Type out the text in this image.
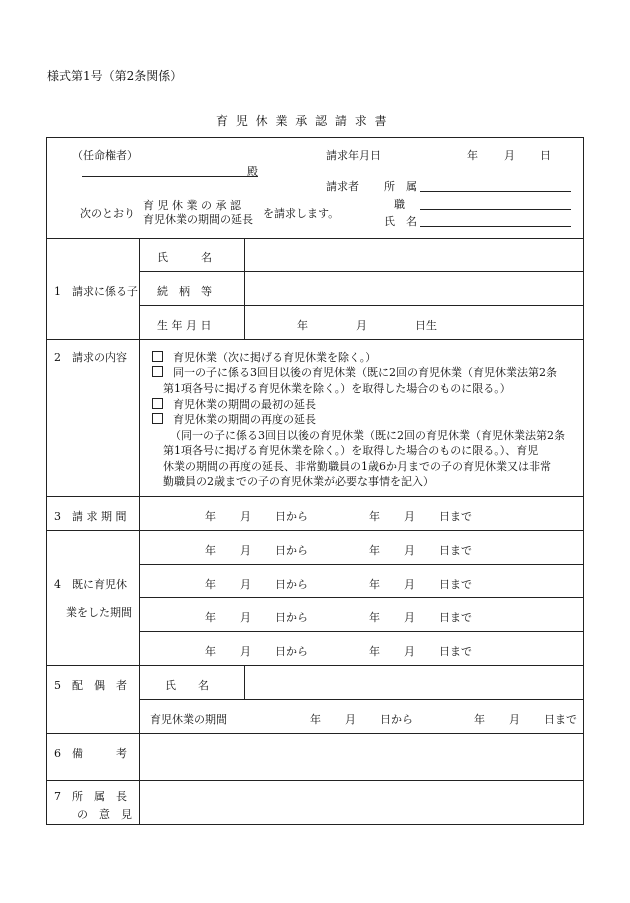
様式第1号（第2条関係）
育 児 休 業 承 認 請 求 書
（任命権者）
殿
請求年月日	年 月 日
請求者 所　属
職
氏　名
次のとおり
育 児 休 業 の 承 認
育児休業の期間の延長 を請求します。
1　請求に係る子
氏　　　名
続　柄　等
生 年 月 日	年	月	日生
2　請求の内容	育児休業（次に掲げる育児休業を除く。）
同一の子に係る3回目以後の育児休業（既に2回の育児休業（育児休業法第2条
第1項各号に掲げる育児休業を除く。）を取得した場合のものに限る。）
育児休業の期間の最初の延長
育児休業の期間の再度の延長
（同一の子に係る3回目以後の育児休業（既に2回の育児休業（育児休業法第2条
第1項各号に掲げる育児休業を除く。）を取得した場合のものに限る。）、育児
休業の期間の再度の延長、非常勤職員の1歳6か月までの子の育児休業又は非常
勤職員の2歳までの子の育児休業が必要な事情を記入）
3　請 求 期 間	年 月 日から	年 月 日まで
4　既に育児休
業をした期間
年 月 日から	年 月 日まで
年 月 日から	年 月 日まで
年 月 日から	年 月 日まで
年 月 日から	年 月 日まで
5　配　偶　者	氏　　名
育児休業の期間	年 月 日から	年 月 日まで
6　備　　　考
7　所　属　長
の　意　見
